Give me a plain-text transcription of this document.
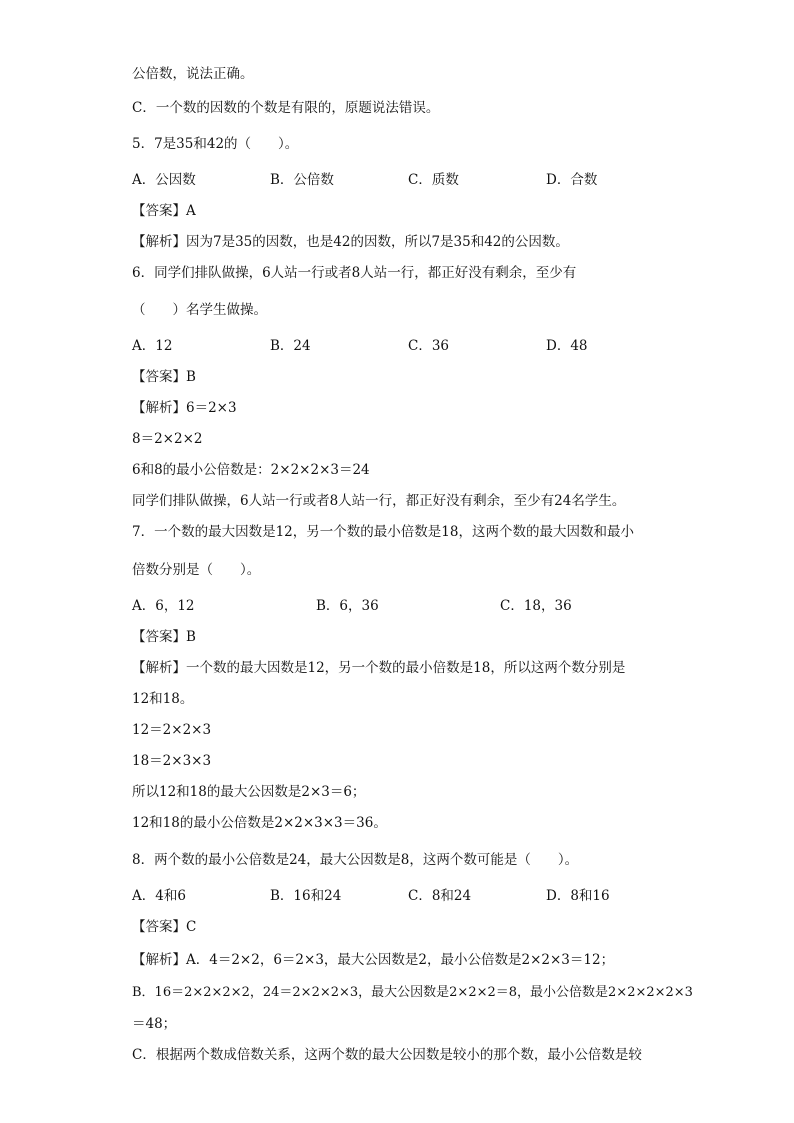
公倍数，说法正确。
C．一个数的因数的个数是有限的，原题说法错误。
5．7是35和42的（　　）。
A．公因数	B．公倍数	C．质数	D．合数
【答案】A
【解析】因为7是35的因数，也是42的因数，所以7是35和42的公因数。
6．同学们排队做操，6人站一行或者8人站一行，都正好没有剩余，至少有
（　　）名学生做操。
A．12	B．24	C．36	D．48
【答案】B
【解析】6＝2×3
8＝2×2×2
6和8的最小公倍数是：2×2×2×3＝24
同学们排队做操，6人站一行或者8人站一行，都正好没有剩余，至少有24名学生。
7．一个数的最大因数是12，另一个数的最小倍数是18，这两个数的最大因数和最小
倍数分别是（　　）。
A．6，12	B．6，36	C．18，36
【答案】B
【解析】一个数的最大因数是12，另一个数的最小倍数是18，所以这两个数分别是
12和18。
12＝2×2×3
18＝2×3×3
所以12和18的最大公因数是2×3＝6；
12和18的最小公倍数是2×2×3×3＝36。
8．两个数的最小公倍数是24，最大公因数是8，这两个数可能是（　　）。
A．4和6	B．16和24	C．8和24	D．8和16
【答案】C
【解析】A．4＝2×2，6＝2×3，最大公因数是2，最小公倍数是2×2×3＝12；
B．16＝2×2×2×2，24＝2×2×2×3，最大公因数是2×2×2＝8，最小公倍数是2×2×2×2×3
＝48；
C．根据两个数成倍数关系，这两个数的最大公因数是较小的那个数，最小公倍数是较
